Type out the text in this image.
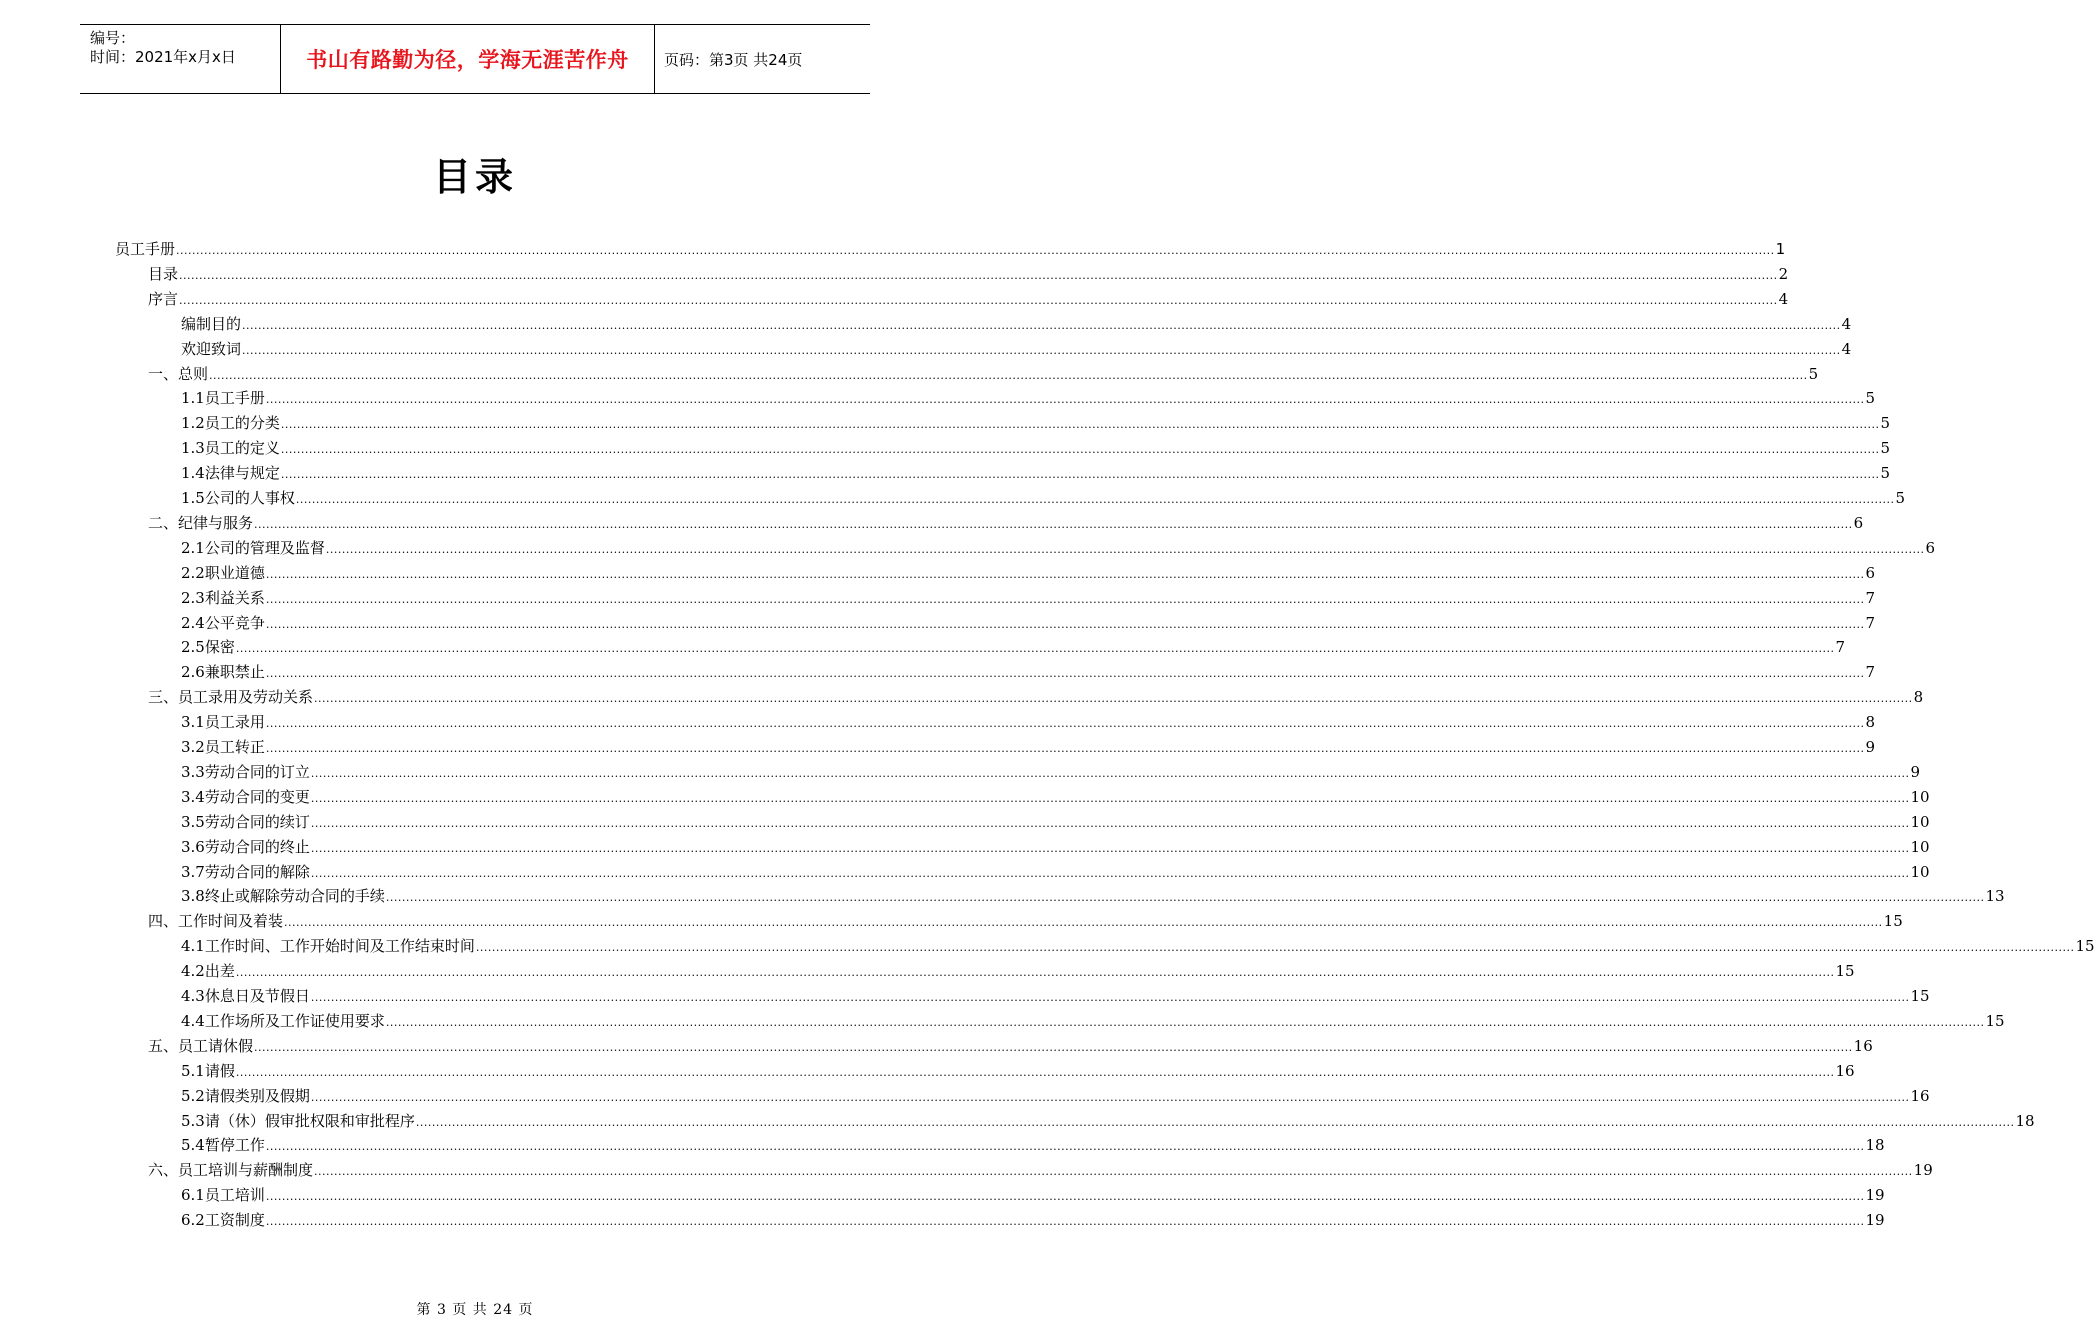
编号：
时间：2021年x月x日	书山有路勤为径，学海无涯苦作舟	页码：第3页 共24页
目录
员工手册 ................................................................................................................................................................................................................................................................................................................................................................................................................ 1
目录 ................................................................................................................................................................................................................................................................................................................................................................................................................ 2
序言 ................................................................................................................................................................................................................................................................................................................................................................................................................ 4
编制目的 ................................................................................................................................................................................................................................................................................................................................................................................................................ 4
欢迎致词 ................................................................................................................................................................................................................................................................................................................................................................................................................ 4
一、总则 ................................................................................................................................................................................................................................................................................................................................................................................................................ 5
1.1员工手册 ................................................................................................................................................................................................................................................................................................................................................................................................................ 5
1.2员工的分类 ................................................................................................................................................................................................................................................................................................................................................................................................................ 5
1.3员工的定义 ................................................................................................................................................................................................................................................................................................................................................................................................................ 5
1.4法律与规定 ................................................................................................................................................................................................................................................................................................................................................................................................................ 5
1.5公司的人事权 ................................................................................................................................................................................................................................................................................................................................................................................................................ 5
二、纪律与服务 ................................................................................................................................................................................................................................................................................................................................................................................................................ 6
2.1公司的管理及监督 ................................................................................................................................................................................................................................................................................................................................................................................................................ 6
2.2职业道德 ................................................................................................................................................................................................................................................................................................................................................................................................................ 6
2.3利益关系 ................................................................................................................................................................................................................................................................................................................................................................................................................ 7
2.4公平竞争 ................................................................................................................................................................................................................................................................................................................................................................................................................ 7
2.5保密 ................................................................................................................................................................................................................................................................................................................................................................................................................ 7
2.6兼职禁止 ................................................................................................................................................................................................................................................................................................................................................................................................................ 7
三、员工录用及劳动关系 ................................................................................................................................................................................................................................................................................................................................................................................................................ 8
3.1员工录用 ................................................................................................................................................................................................................................................................................................................................................................................................................ 8
3.2员工转正 ................................................................................................................................................................................................................................................................................................................................................................................................................ 9
3.3劳动合同的订立 ................................................................................................................................................................................................................................................................................................................................................................................................................ 9
3.4劳动合同的变更 ................................................................................................................................................................................................................................................................................................................................................................................................................ 10
3.5劳动合同的续订 ................................................................................................................................................................................................................................................................................................................................................................................................................ 10
3.6劳动合同的终止 ................................................................................................................................................................................................................................................................................................................................................................................................................ 10
3.7劳动合同的解除 ................................................................................................................................................................................................................................................................................................................................................................................................................ 10
3.8终止或解除劳动合同的手续 ................................................................................................................................................................................................................................................................................................................................................................................................................ 13
四、工作时间及着装 ................................................................................................................................................................................................................................................................................................................................................................................................................ 15
4.1工作时间、工作开始时间及工作结束时间 ................................................................................................................................................................................................................................................................................................................................................................................................................ 15
4.2出差 ................................................................................................................................................................................................................................................................................................................................................................................................................ 15
4.3休息日及节假日 ................................................................................................................................................................................................................................................................................................................................................................................................................ 15
4.4工作场所及工作证使用要求 ................................................................................................................................................................................................................................................................................................................................................................................................................ 15
五、员工请休假 ................................................................................................................................................................................................................................................................................................................................................................................................................ 16
5.1请假 ................................................................................................................................................................................................................................................................................................................................................................................................................ 16
5.2请假类别及假期 ................................................................................................................................................................................................................................................................................................................................................................................................................ 16
5.3请（休）假审批权限和审批程序 ................................................................................................................................................................................................................................................................................................................................................................................................................ 18
5.4暂停工作 ................................................................................................................................................................................................................................................................................................................................................................................................................ 18
六、员工培训与薪酬制度 ................................................................................................................................................................................................................................................................................................................................................................................................................ 19
6.1员工培训 ................................................................................................................................................................................................................................................................................................................................................................................................................ 19
6.2工资制度 ................................................................................................................................................................................................................................................................................................................................................................................................................ 19
第 3 页 共 24 页
